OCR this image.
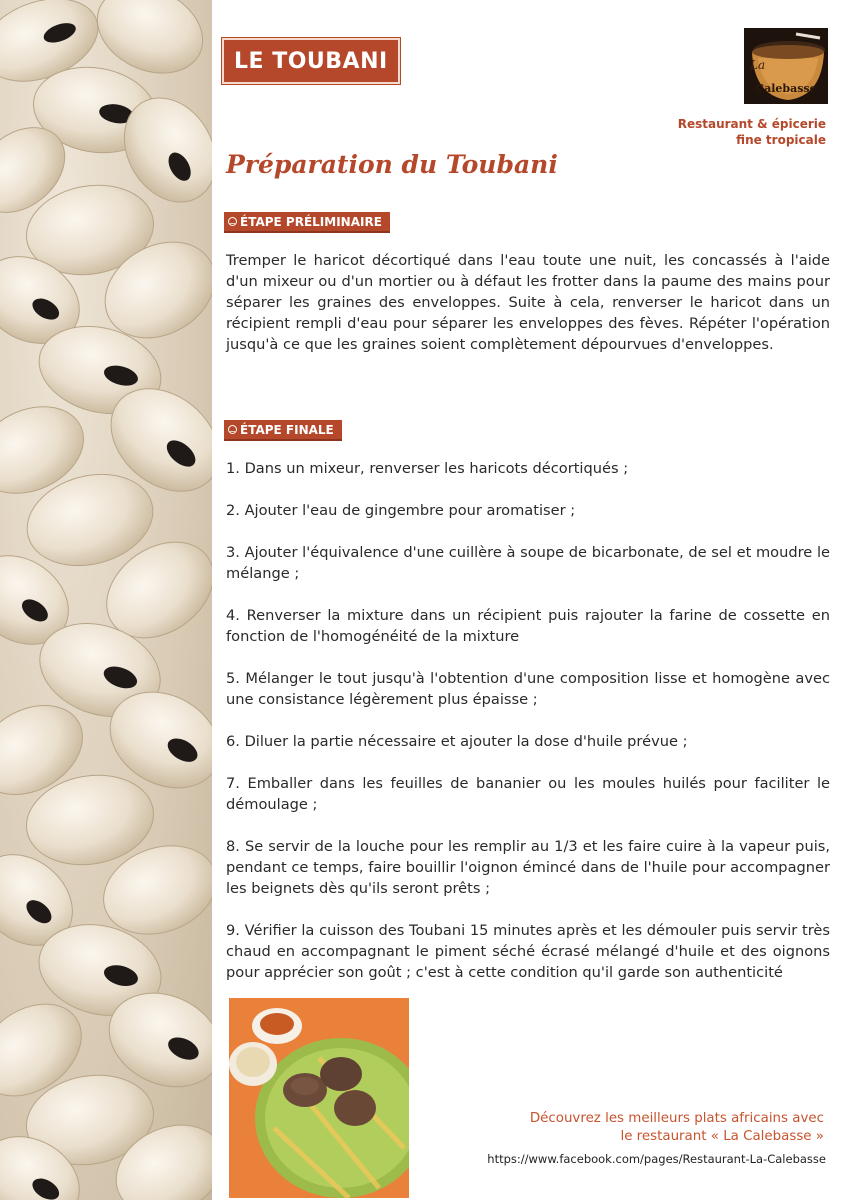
LE TOUBANI	La
Calebasse
Restaurant & épicerie
fine tropicale
Préparation du Toubani
⚊ ÉTAPE PRÉLIMINAIRE
Tremper le haricot décortiqué dans l'eau toute une nuit, les concassés à l'aide d'un mixeur ou d'un mortier ou à défaut les frotter dans la paume des mains pour séparer les graines des enveloppes. Suite à cela, renverser le haricot dans un récipient rempli d'eau pour séparer les enveloppes des fèves. Répéter l'opération jusqu'à ce que les graines soient complètement dépourvues d'enveloppes.
⚊ ÉTAPE FINALE
1. Dans un mixeur, renverser les haricots décortiqués ;
2. Ajouter l'eau de gingembre pour aromatiser ;
3. Ajouter l'équivalence d'une cuillère à soupe de bicarbonate, de sel et moudre le mélange ;
4. Renverser la mixture dans un récipient puis rajouter la farine de cossette en fonction de l'homogénéité de la mixture
5. Mélanger le tout jusqu'à l'obtention d'une composition lisse et homogène avec une consistance légèrement plus épaisse ;
6. Diluer la partie nécessaire et ajouter la dose d'huile prévue ;
7. Emballer dans les feuilles de bananier ou les moules huilés pour faciliter le démoulage ;
8. Se servir de la louche pour les remplir au 1/3 et les faire cuire à la vapeur puis, pendant ce temps, faire bouillir l'oignon émincé dans de l'huile pour accompagner les beignets dès qu'ils seront prêts ;
9. Vérifier la cuisson des Toubani 15 minutes après et les démouler puis servir très chaud en accompagnant le piment séché écrasé mélangé d'huile et des oignons pour apprécier son goût ; c'est à cette condition qu'il garde son authenticité
Découvrez les meilleurs plats africains avec
le restaurant « La Calebasse »
https://www.facebook.com/pages/Restaurant-La-Calebasse
